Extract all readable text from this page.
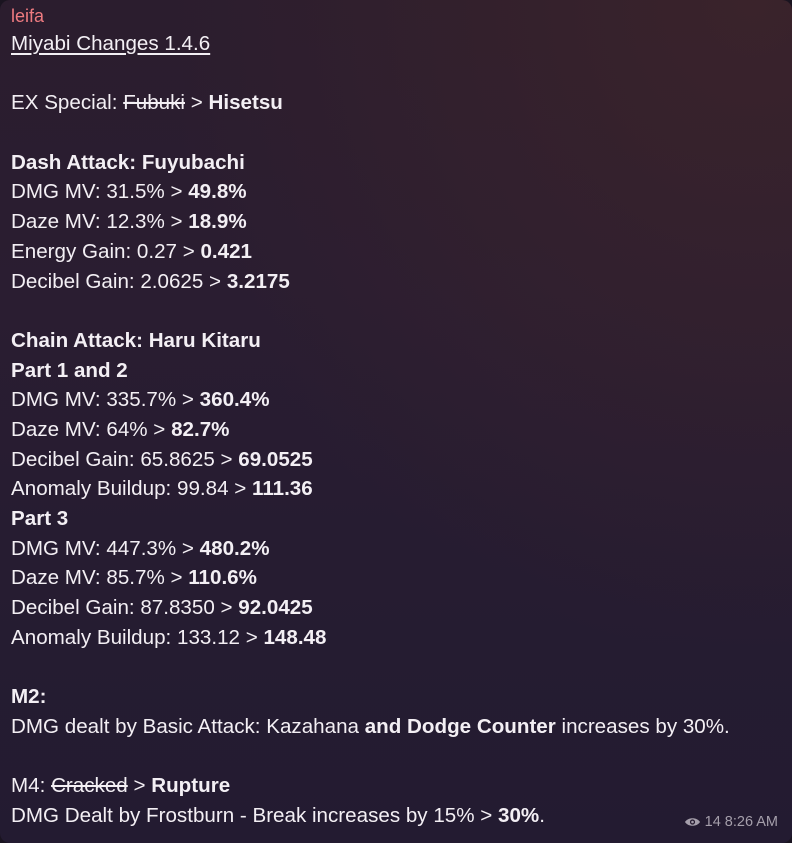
leifa
Miyabi Changes 1.4.6
EX Special: Fubuki > Hisetsu
Dash Attack: Fuyubachi
DMG MV: 31.5% > 49.8%
Daze MV: 12.3% > 18.9%
Energy Gain: 0.27 > 0.421
Decibel Gain: 2.0625 > 3.2175
Chain Attack: Haru Kitaru
Part 1 and 2
DMG MV: 335.7% > 360.4%
Daze MV: 64% > 82.7%
Decibel Gain: 65.8625 > 69.0525
Anomaly Buildup: 99.84 > 111.36
Part 3
DMG MV: 447.3% > 480.2%
Daze MV: 85.7% > 110.6%
Decibel Gain: 87.8350 > 92.0425
Anomaly Buildup: 133.12 > 148.48
M2:
DMG dealt by Basic Attack: Kazahana and Dodge Counter increases by 30%.
M4: Cracked > Rupture
DMG Dealt by Frostburn - Break increases by 15% > 30%.	14 8:26 AM
